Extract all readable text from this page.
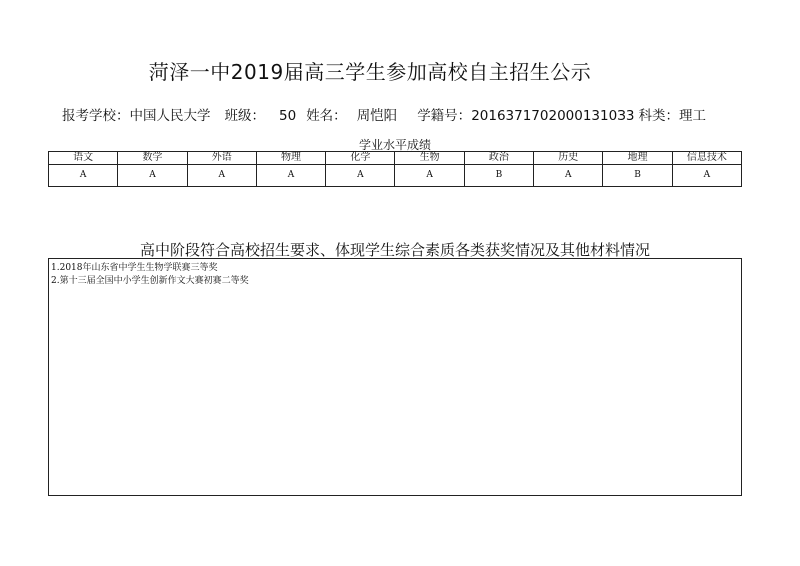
菏泽一中2019届高三学生参加高校自主招生公示
报考学校：中国人民大学 班级： 50 姓名： 周恺阳 学籍号：20163717020001310З3 科类：理工
学业水平成绩
语文	数学	外语	物理	化学	生物	政治	历史	地理	信息技术
A	A	A	A	A	A	B	A	B	A
高中阶段符合高校招生要求、体现学生综合素质各类获奖情况及其他材料情况
1.2018年山东省中学生生物学联赛三等奖
2.第十三届全国中小学生创新作文大赛初赛二等奖
